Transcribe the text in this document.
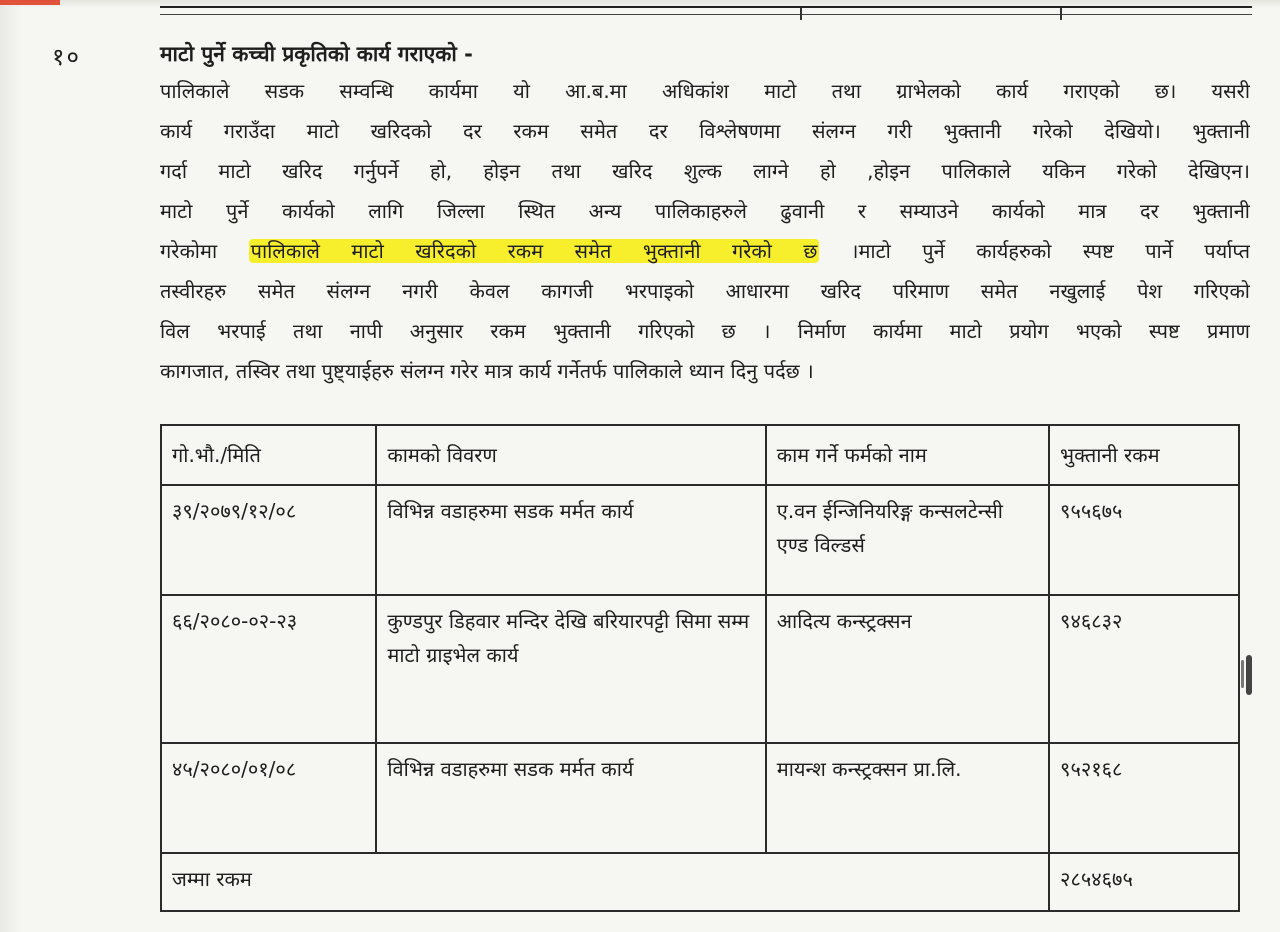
१०	माटो पुर्ने कच्ची प्रकृतिको कार्य गराएको -
पालिकाले सडक सम्वन्धि कार्यमा यो आ.ब.मा अधिकांश माटो तथा ग्राभेलको कार्य गराएको छ। यसरी
कार्य गराउँदा माटो खरिदको दर रकम समेत दर विश्लेषणमा संलग्न गरी भुक्तानी गरेको देखियो। भुक्तानी
गर्दा माटो खरिद गर्नुपर्ने हो, होइन तथा खरिद शुल्क लाग्ने हो ,होइन पालिकाले यकिन गरेको देखिएन।
माटो पुर्ने कार्यको लागि जिल्ला स्थित अन्य पालिकाहरुले ढुवानी र सम्याउने कार्यको मात्र दर भुक्तानी
गरेकोमा पालिकाले माटो खरिदको रकम समेत भुक्तानी गरेको छ ।माटो पुर्ने कार्यहरुको स्पष्ट पार्ने पर्याप्त
तस्वीरहरु समेत संलग्न नगरी केवल कागजी भरपाइको आधारमा खरिद परिमाण समेत नखुलाई पेश गरिएको
विल भरपाई तथा नापी अनुसार रकम भुक्तानी गरिएको छ । निर्माण कार्यमा माटो प्रयोग भएको स्पष्ट प्रमाण
कागजात, तस्विर तथा पुष्ट्याईहरु संलग्न गरेर मात्र कार्य गर्नेतर्फ पालिकाले ध्यान दिनु पर्दछ ।
गो.भौ./मिति	कामको विवरण	काम गर्ने फर्मको नाम	भुक्तानी रकम
३९/२०७९/१२/०८	विभिन्न वडाहरुमा सडक मर्मत कार्य	ए.वन ईन्जिनियरिङ्ग कन्सलटेन्सी एण्ड विल्डर्स	९५५६७५
६६/२०८०-०२-२३	कुण्डपुर डिहवार मन्दिर देखि बरियारपट्टी सिमा सम्म माटो ग्राइभेल कार्य	आदित्य कन्स्ट्रक्सन	९४६८३२
४५/२०८०/०१/०८	विभिन्न वडाहरुमा सडक मर्मत कार्य	मायन्श कन्स्ट्रक्सन प्रा.लि.	९५२१६८
जम्मा रकम			२८५४६७५
